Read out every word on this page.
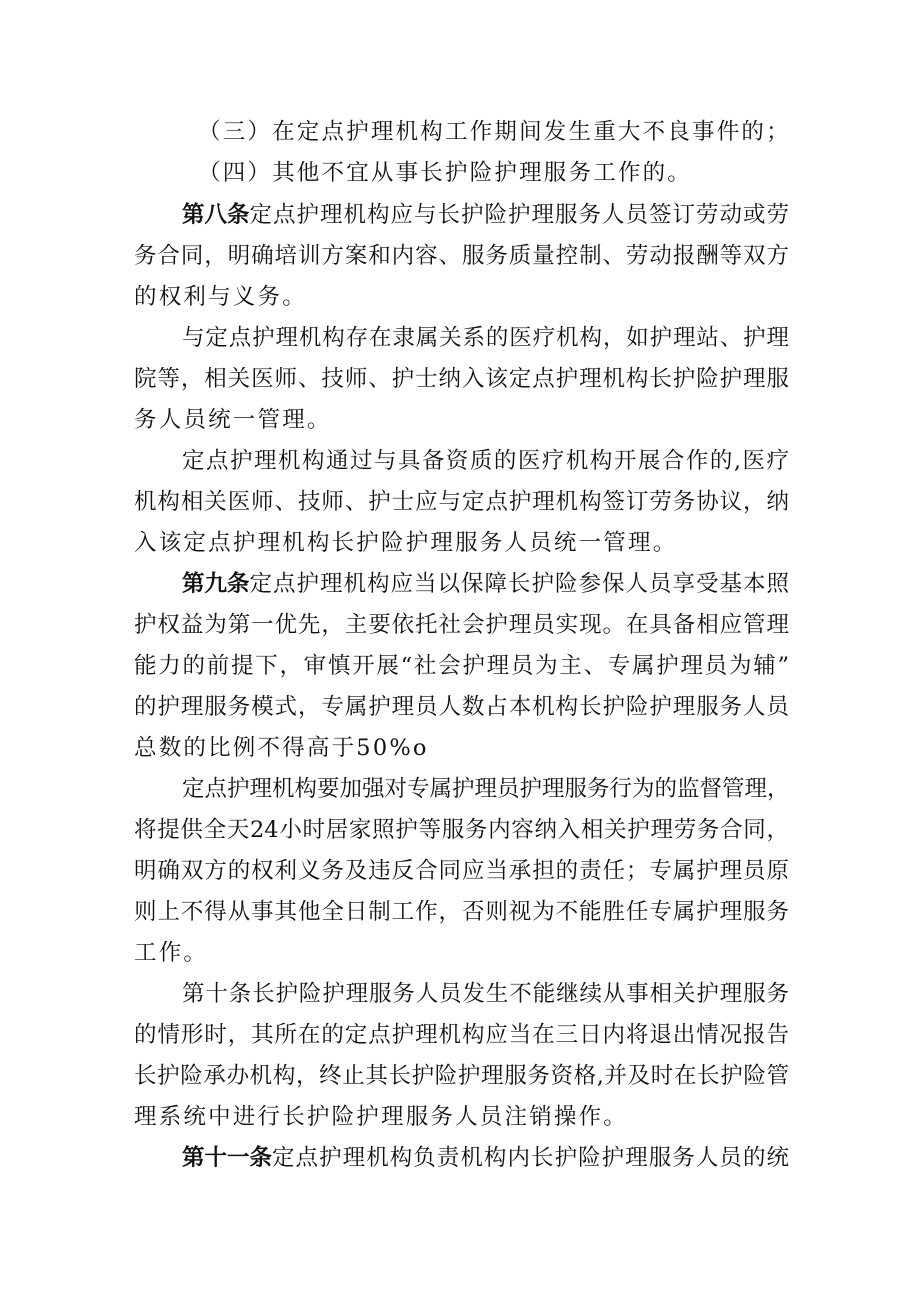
（三）在定点护理机构工作期间发生重大不良事件的；
（四）其他不宜从事长护险护理服务工作的。
第八条 定点护理机构应与长护险护理服务人员签订劳动或劳
务合同，明确培训方案和内容、服务质量控制、劳动报酬等双方
的权利与义务。
与定点护理机构存在隶属关系的医疗机构，如护理站、护理
院等，相关医师、技师、护士纳入该定点护理机构长护险护理服
务人员统一管理。
定点护理机构通过与具备资质的医疗机构开展合作的,医疗
机构相关医师、技师、护士应与定点护理机构签订劳务协议，纳
入该定点护理机构长护险护理服务人员统一管理。
第九条 定点护理机构应当以保障长护险参保人员享受基本照
护权益为第一优先，主要依托社会护理员实现。在具备相应管理
能力的前提下，审慎开展“社会护理员为主、专属护理员为辅”
的护理服务模式，专属护理员人数占本机构长护险护理服务人员
总数的比例不得高于50%o
定点护理机构要加强对专属护理员护理服务行为的监督管理，
将提供全天24小时居家照护等服务内容纳入相关护理劳务合同，
明确双方的权利义务及违反合同应当承担的责任；专属护理员原
则上不得从事其他全日制工作，否则视为不能胜任专属护理服务
工作。
第十条长护险护理服务人员发生不能继续从事相关护理服务
的情形时，其所在的定点护理机构应当在三日内将退出情况报告
长护险承办机构，终止其长护险护理服务资格,并及时在长护险管
理系统中进行长护险护理服务人员注销操作。
第十一条 定点护理机构负责机构内长护险护理服务人员的统
